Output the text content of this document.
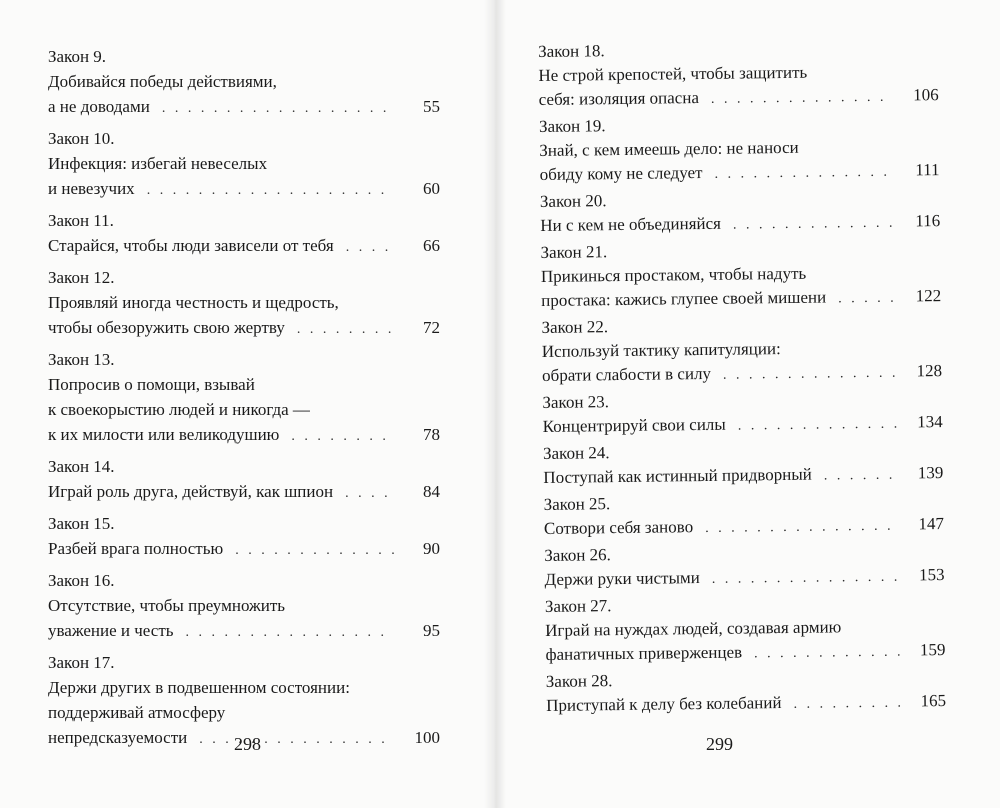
Закон 9.
Добивайся победы действиями,
а не доводами . . .	55
Закон 10.
Инфекция: избегай невеселых
и невезучих . . .	60
Закон 11.
Старайся, чтобы люди зависели от тебя . . .	66
Закон 12.
Проявляй иногда честность и щедрость,
чтобы обезоружить свою жертву . . .	72
Закон 13.
Попросив о помощи, взывай
к своекорыстию людей и никогда —
к их милости или великодушию . . .	78
Закон 14.
Играй роль друга, действуй, как шпион . . .	84
Закон 15.
Разбей врага полностью . . .	90
Закон 16.
Отсутствие, чтобы преумножить
уважение и честь . . .	95
Закон 17.
Держи других в подвешенном состоянии:
поддерживай атмосферу
непредсказуемости . . .	100
Закон 18.
Не строй крепостей, чтобы защитить
себя: изоляция опасна . . .	106
Закон 19.
Знай, с кем имеешь дело: не наноси
обиду кому не следует . . .	111
Закон 20.
Ни с кем не объединяйся . . .	116
Закон 21.
Прикинься простаком, чтобы надуть
простака: кажись глупее своей мишени . . .	122
Закон 22.
Используй тактику капитуляции:
обрати слабости в силу . . .	128
Закон 23.
Концентрируй свои силы . . .	134
Закон 24.
Поступай как истинный придворный . . .	139
Закон 25.
Сотвори себя заново . . .	147
Закон 26.
Держи руки чистыми . . .	153
Закон 27.
Играй на нуждах людей, создавая армию
фанатичных приверженцев . . .	159
Закон 28.
Приступай к делу без колебаний . . .	165
298	299
